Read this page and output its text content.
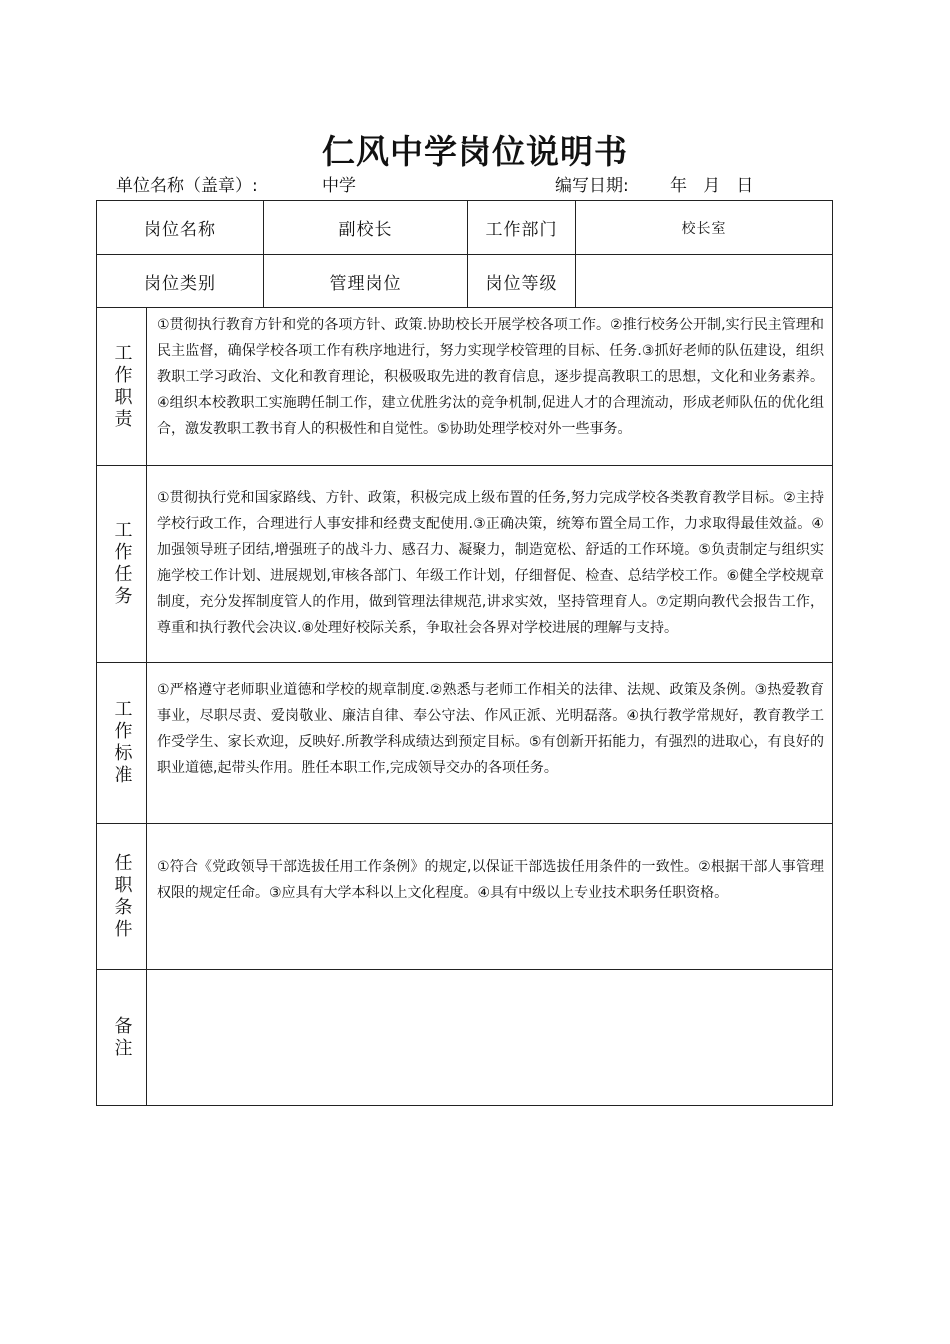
仁风中学岗位说明书
单位名称（盖章）:	中学	编写日期: 年   月   日
岗位名称		副校长	工作部门	校长室
岗位类别		管理岗位	岗位等级	

工作职责	①贯彻执行教育方针和党的各项方针、政策.协助校长开展学校各项工作。②推行校务公开制,实行民主管理和民主监督，确保学校各项工作有秩序地进行，努力实现学校管理的目标、任务.③抓好老师的队伍建设，组织教职工学习政治、文化和教育理论，积极吸取先进的教育信息，逐步提高教职工的思想，文化和业务素养。④组织本校教职工实施聘任制工作，建立优胜劣汰的竞争机制,促进人才的合理流动，形成老师队伍的优化组合，激发教职工教书育人的积极性和自觉性。⑤协助处理学校对外一些事务。			

工作任务	①贯彻执行党和国家路线、方针、政策，积极完成上级布置的任务,努力完成学校各类教育教学目标。②主持学校行政工作，合理进行人事安排和经费支配使用.③正确决策，统筹布置全局工作，力求取得最佳效益。④加强领导班子团结,增强班子的战斗力、感召力、凝聚力，制造宽松、舒适的工作环境。⑤负责制定与组织实施学校工作计划、进展规划,审核各部门、年级工作计划，仔细督促、检查、总结学校工作。⑥健全学校规章制度，充分发挥制度管人的作用，做到管理法律规范,讲求实效，坚持管理育人。⑦定期向教代会报告工作，尊重和执行教代会决议.⑧处理好校际关系，争取社会各界对学校进展的理解与支持。			

工作标准	①严格遵守老师职业道德和学校的规章制度.②熟悉与老师工作相关的法律、法规、政策及条例。③热爱教育事业，尽职尽责、爱岗敬业、廉洁自律、奉公守法、作风正派、光明磊落。④执行教学常规好，教育教学工作受学生、家长欢迎，反映好.所教学科成绩达到预定目标。⑤有创新开拓能力，有强烈的进取心，有良好的职业道德,起带头作用。胜任本职工作,完成领导交办的各项任务。			

任职条件	①符合《党政领导干部选拔任用工作条例》的规定,以保证干部选拔任用条件的一致性。②根据干部人事管理权限的规定任命。③应具有大学本科以上文化程度。④具有中级以上专业技术职务任职资格。			

备注				
